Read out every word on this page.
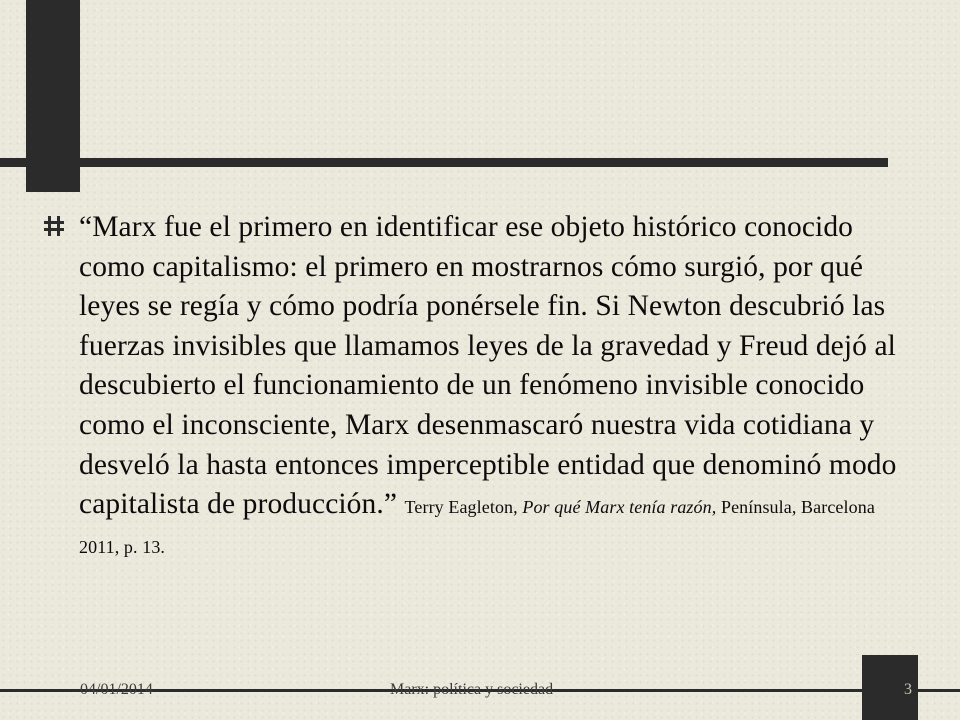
“Marx fue el primero en identificar ese objeto histórico conocido como capitalismo: el primero en mostrarnos cómo surgió, por qué leyes se regía y cómo podría ponérsele fin. Si Newton descubrió las fuerzas invisibles que llamamos leyes de la gravedad y Freud dejó al descubierto el funcionamiento de un fenómeno invisible conocido como el inconsciente, Marx desenmascaró nuestra vida cotidiana y desveló la hasta entonces imperceptible entidad que denominó modo capitalista de producción.” Terry Eagleton, Por qué Marx tenía razón, Península, Barcelona 2011, p. 13.

04/01/2014	Marx: política y sociedad	3
